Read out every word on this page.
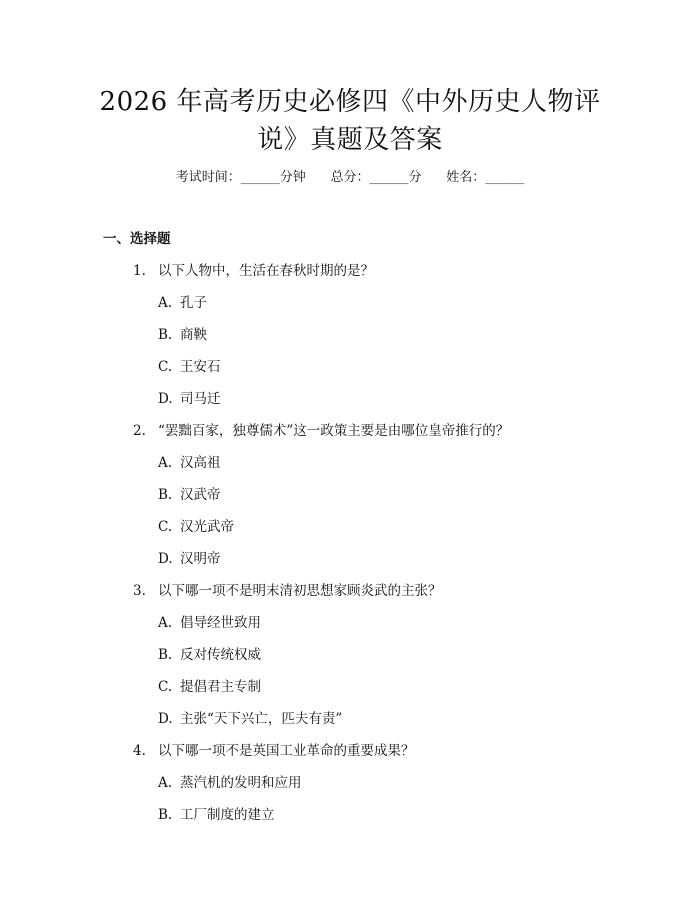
2026 年高考历史必修四《中外历史人物评
说》真题及答案
考试时间：______分钟      总分：______分      姓名：______
一、选择题
1. 以下人物中，生活在春秋时期的是？
A. 孔子
B. 商鞅
C. 王安石
D. 司马迁
2. “罢黜百家，独尊儒术”这一政策主要是由哪位皇帝推行的？
A. 汉高祖
B. 汉武帝
C. 汉光武帝
D. 汉明帝
3. 以下哪一项不是明末清初思想家顾炎武的主张？
A. 倡导经世致用
B. 反对传统权威
C. 提倡君主专制
D. 主张“天下兴亡，匹夫有责”
4. 以下哪一项不是英国工业革命的重要成果？
A. 蒸汽机的发明和应用
B. 工厂制度的建立
